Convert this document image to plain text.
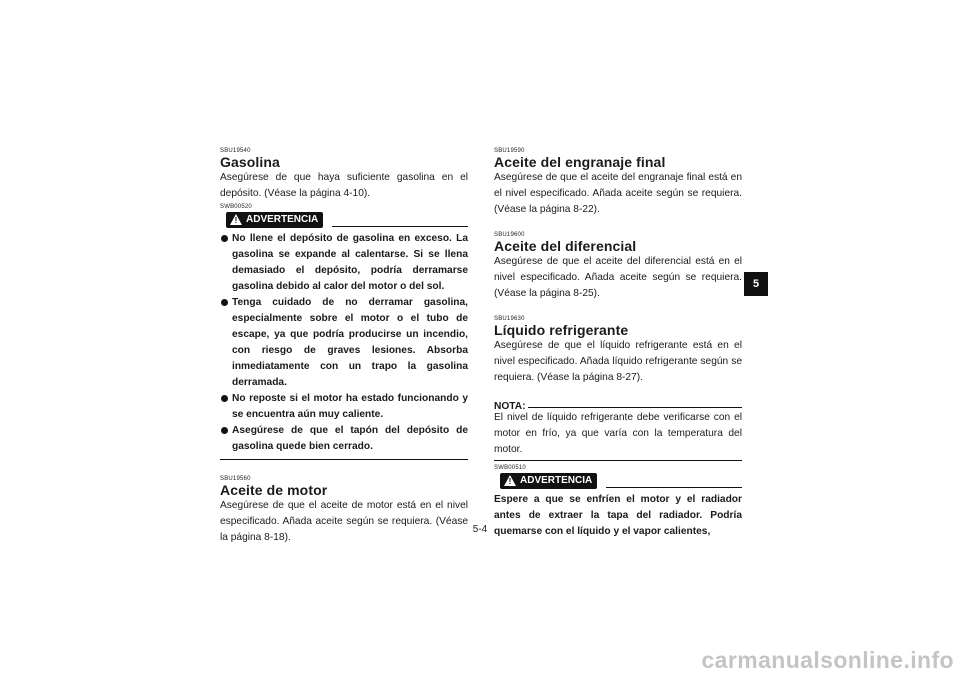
SBU19540
Gasolina

Asegúrese de que haya suficiente gasolina en el depósito. (Véase la página 4-10).

SWB00520
! ADVERTENCIA
No llene el depósito de gasolina en exceso. La gasolina se expande al calentarse. Si se llena demasiado el depósito, podría derramarse gasolina debido al calor del motor o del sol.
Tenga cuidado de no derramar gasolina, especialmente sobre el motor o el tubo de escape, ya que podría producirse un incendio, con riesgo de graves lesiones. Absorba inmediatamente con un trapo la gasolina derramada.
No reposte si el motor ha estado funcionando y se encuentra aún muy caliente.
Asegúrese de que el tapón del depósito de gasolina quede bien cerrado.
SBU19560
Aceite de motor

Asegúrese de que el aceite de motor está en el nivel especificado. Añada aceite según se requiera. (Véase la página 8-18).

SBU19590
Aceite del engranaje final

Asegúrese de que el aceite del engranaje final está en el nivel especificado. Añada aceite según se requiera. (Véase la página 8-22).

SBU19600
Aceite del diferencial

Asegúrese de que el aceite del diferencial está en el nivel especificado. Añada aceite según se requiera. (Véase la página 8-25).

SBU19630
Líquido refrigerante

Asegúrese de que el líquido refrigerante está en el nivel especificado. Añada líquido refrigerante según se requiera. (Véase la página 8-27).

NOTA:

El nivel de líquido refrigerante debe verificarse con el motor en frío, ya que varía con la temperatura del motor.

SWB00510
! ADVERTENCIA

Espere a que se enfríen el motor y el radiador antes de extraer la tapa del radiador. Podría quemarse con el líquido y el vapor calientes,

5
5-4
carmanualsonline.info
